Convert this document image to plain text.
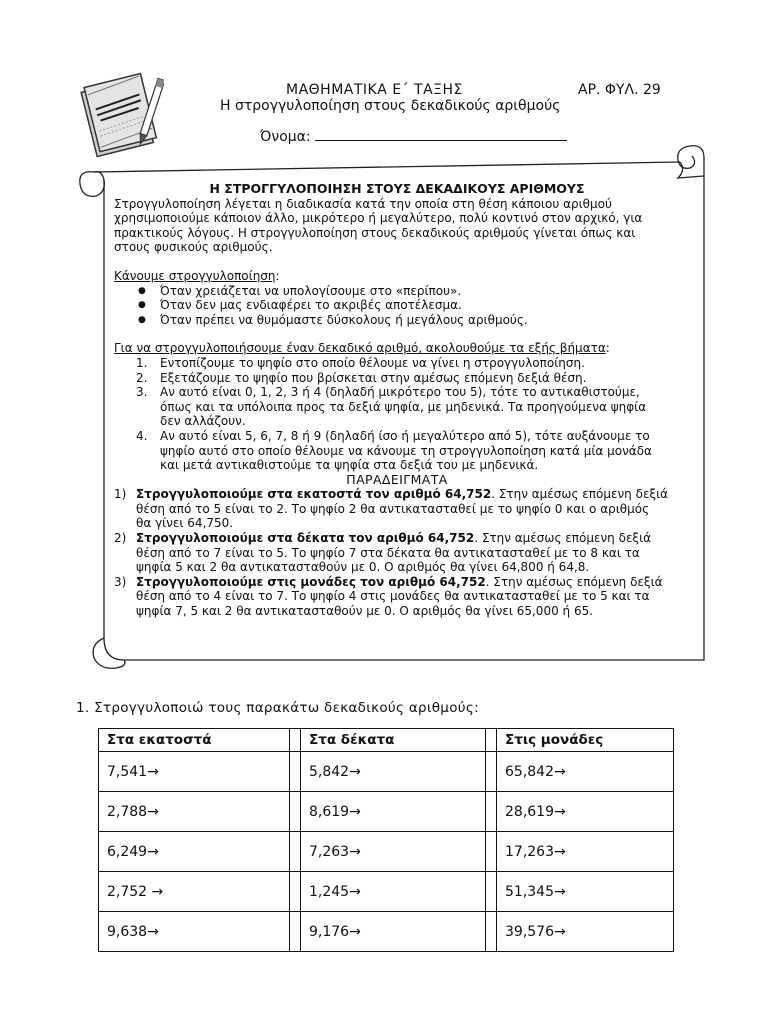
ΜΑΘΗΜΑΤΙΚΑ Ε΄ ΤΑΞΗΣ	ΑΡ. ΦΥΛ. 29
Η στρογγυλοποίηση στους δεκαδικούς αριθμούς
Όνομα:

Η ΣΤΡΟΓΓΥΛΟΠΟΙΗΣΗ ΣΤΟΥΣ ΔΕΚΑΔΙΚΟΥΣ ΑΡΙΘΜΟΥΣ

Στρογγυλοποίηση λέγεται η διαδικασία κατά την οποία στη θέση κάποιου αριθμού

χρησιμοποιούμε κάποιον άλλο, μικρότερο ή μεγαλύτερο, πολύ κοντινό στον αρχικό, για

πρακτικούς λόγους. Η στρογγυλοποίηση στους δεκαδικούς αριθμούς γίνεται όπως και

στους φυσικούς αριθμούς.

Κάνουμε στρογγυλοποίηση:

● Όταν χρειάζεται να υπολογίσουμε στο «περίπου».
● Όταν δεν μας ενδιαφέρει το ακριβές αποτέλεσμα.
● Όταν πρέπει να θυμόμαστε δύσκολους ή μεγάλους αριθμούς.

Για να στρογγυλοποιήσουμε έναν δεκαδικό αριθμό, ακολουθούμε τα εξής βήματα:

1. Εντοπίζουμε το ψηφίο στο οποίο θέλουμε να γίνει η στρογγυλοποίηση.
2. Εξετάζουμε το ψηφίο που βρίσκεται στην αμέσως επόμενη δεξιά θέση.
3. Αν αυτό είναι 0, 1, 2, 3 ή 4 (δηλαδή μικρότερο του 5), τότε το αντικαθιστούμε,
όπως και τα υπόλοιπα προς τα δεξιά ψηφία, με μηδενικά. Τα προηγούμενα ψηφία
δεν αλλάζουν.
4. Αν αυτό είναι 5, 6, 7, 8 ή 9 (δηλαδή ίσο ή μεγαλύτερο από 5), τότε αυξάνουμε το
ψηφίο αυτό στο οποίο θέλουμε να κάνουμε τη στρογγυλοποίηση κατά μία μονάδα
και μετά αντικαθιστούμε τα ψηφία στα δεξιά του με μηδενικά.

ΠΑΡΑΔΕΙΓΜΑΤΑ

1) Στρογγυλοποιούμε στα εκατοστά τον αριθμό 64,752. Στην αμέσως επόμενη δεξιά
θέση από το 5 είναι το 2. Το ψηφίο 2 θα αντικατασταθεί με το ψηφίο 0 και ο αριθμός
θα γίνει 64,750.
2) Στρογγυλοποιούμε στα δέκατα τον αριθμό 64,752. Στην αμέσως επόμενη δεξιά
θέση από το 7 είναι το 5. Το ψηφίο 7 στα δέκατα θα αντικατασταθεί με το 8 και τα
ψηφία 5 και 2 θα αντικατασταθούν με 0. Ο αριθμός θα γίνει 64,800 ή 64,8.
3) Στρογγυλοποιούμε στις μονάδες τον αριθμό 64,752. Στην αμέσως επόμενη δεξιά
θέση από το 4 είναι το 7. Το ψηφίο 4 στις μονάδες θα αντικατασταθεί με το 5 και τα
ψηφία 7, 5 και 2 θα αντικατασταθούν με 0. Ο αριθμός θα γίνει 65,000 ή 65.
1. Στρογγυλοποιώ τους παρακάτω δεκαδικούς αριθμούς:
Στα εκατοστά		Στα δέκατα		Στις μονάδες
7,541→		5,842→		65,842→
2,788→		8,619→		28,619→
6,249→		7,263→		17,263→
2,752 →		1,245→		51,345→
9,638→		9,176→		39,576→
